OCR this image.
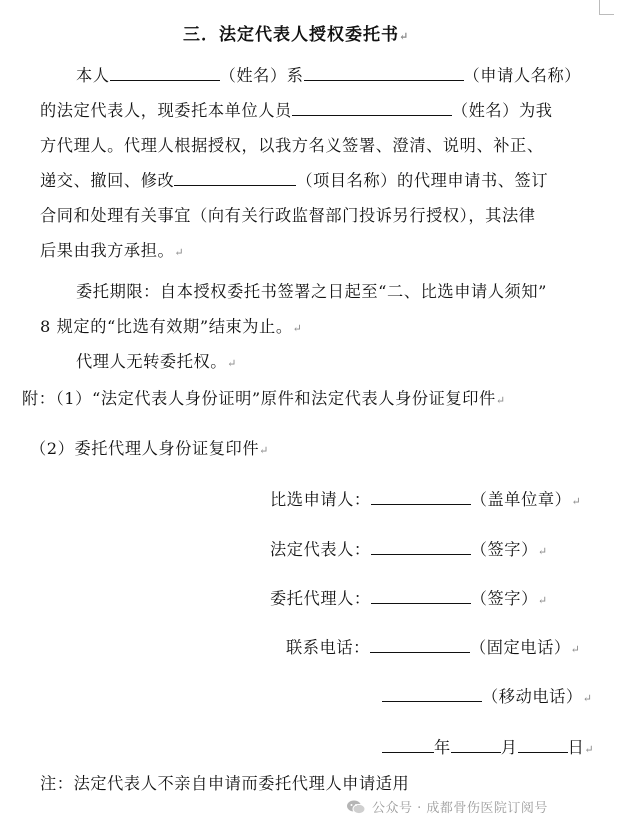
三．法定代表人授权委托书↵
本人	（姓名）系	（申请人名称）
的法定代表人，现委托本单位人员	（姓名）为我
方代理人。代理人根据授权，以我方名义签署、澄清、说明、补正、
递交、撤回、修改	（项目名称）的代理申请书、签订
合同和处理有关事宜（向有关行政监督部门投诉另行授权），其法律
后果由我方承担。↵
委托期限：自本授权委托书签署之日起至“二、比选申请人须知”
8 规定的“比选有效期”结束为止。↵
代理人无转委托权。↵
附：（1）“法定代表人身份证明”原件和法定代表人身份证复印件↵
（2）委托代理人身份证复印件↵
比选申请人：	（盖单位章）↵
法定代表人：	（签字）↵
委托代理人：	（签字）↵
联系电话：	（固定电话）↵
（移动电话）↵
年	月	日↵
注：法定代表人不亲自申请而委托代理人申请适用
公众号 · 成都骨伤医院订阅号
